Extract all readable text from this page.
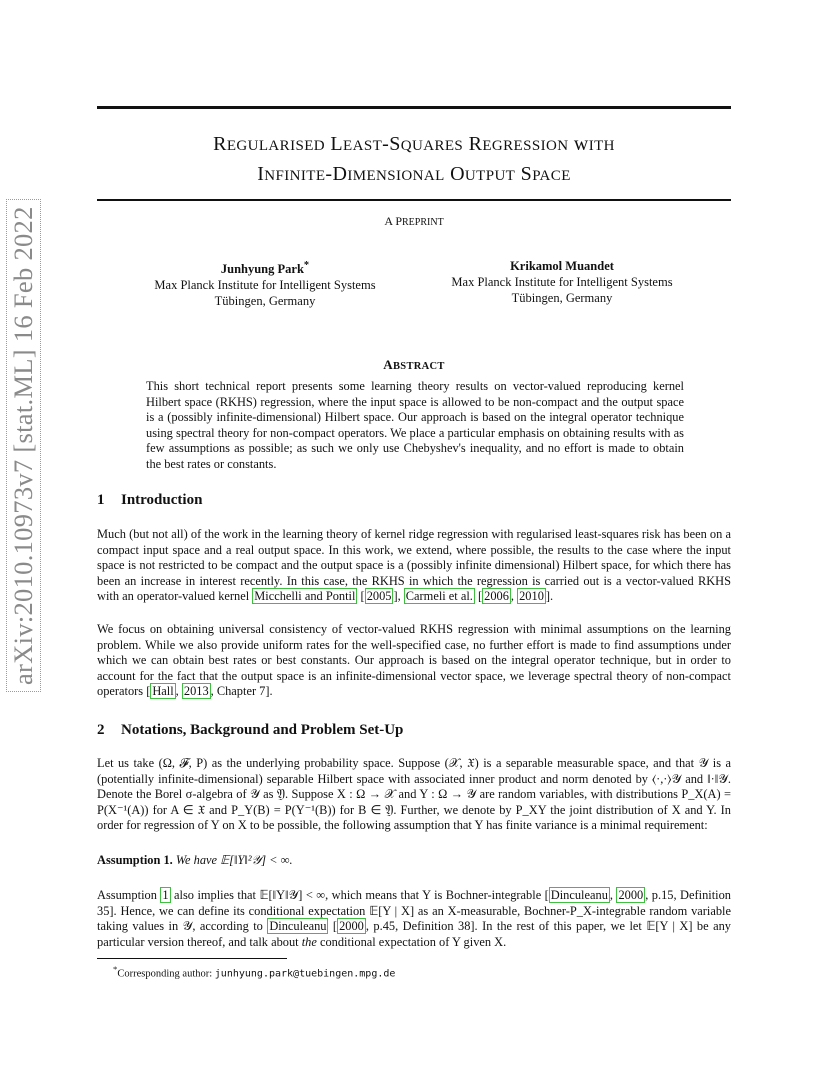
arXiv:2010.10973v7 [stat.ML] 16 Feb 2022
REGULARISED LEAST-SQUARES REGRESSION wITH
INFINITE-DIMENSIONAL OUTPUT SPACE
A PREPRINT
Junhyung Park*
Max Planck Institute for Intelligent Systems
Tübingen, Germany
Krikamol Muandet
Max Planck Institute for Intelligent Systems
Tübingen, Germany
ABSTRACT
This short technical report presents some learning theory results on vector-valued reproducing kernel Hilbert space (RKHS) regression, where the input space is allowed to be non-compact and the output space is a (possibly infinite-dimensional) Hilbert space. Our approach is based on the integral operator technique using spectral theory for non-compact operators. We place a particular emphasis on obtaining results with as few assumptions as possible; as such we only use Chebyshev's inequality, and no effort is made to obtain the best rates or constants.
1 Introduction
Much (but not all) of the work in the learning theory of kernel ridge regression with regularised least-squares risk has been on a compact input space and a real output space. In this work, we extend, where possible, the results to the case where the input space is not restricted to be compact and the output space is a (possibly infinite dimensional) Hilbert space, for which there has been an increase in interest recently. In this case, the RKHS in which the regression is carried out is a vector-valued RKHS with an operator-valued kernel Micchelli and Pontil [ 2005 ], Carmeli et al. [ 2006 , 2010 ].
We focus on obtaining universal consistency of vector-valued RKHS regression with minimal assumptions on the learning problem. While we also provide uniform rates for the well-specified case, no further effort is made to find assumptions under which we can obtain best rates or best constants. Our approach is based on the integral operator technique, but in order to account for the fact that the output space is an infinite-dimensional vector space, we leverage spectral theory of non-compact operators [ Hall , 2013 , Chapter 7].
2 Notations, Background and Problem Set-Up
Let us take (Ω, 𝓕, P) as the underlying probability space. Suppose (𝒳, 𝔛) is a separable measurable space, and that 𝒴 is a (potentially infinite-dimensional) separable Hilbert space with associated inner product and norm denoted by ⟨·,·⟩𝒴 and ‖·‖𝒴. Denote the Borel σ-algebra of 𝒴 as 𝔜. Suppose X : Ω → 𝒳 and Y : Ω → 𝒴 are random variables, with distributions P_X(A) = P(X⁻¹(A)) for A ∈ 𝔛 and P_Y(B) = P(Y⁻¹(B)) for B ∈ 𝔜. Further, we denote by P_XY the joint distribution of X and Y. In order for regression of Y on X to be possible, the following assumption that Y has finite variance is a minimal requirement:
Assumption 1. We have 𝔼[‖Y‖²𝒴] < ∞.
Assumption 1 also implies that 𝔼[‖Y‖𝒴] < ∞, which means that Y is Bochner-integrable [ Dinculeanu , 2000 , p.15, Definition 35]. Hence, we can define its conditional expectation 𝔼[Y | X] as an X-measurable, Bochner-P_X-integrable random variable taking values in 𝒴, according to Dinculeanu [ 2000 , p.45, Definition 38]. In the rest of this paper, we let 𝔼[Y | X] be any particular version thereof, and talk about the conditional expectation of Y given X.
*Corresponding author: junhyung.park@tuebingen.mpg.de
